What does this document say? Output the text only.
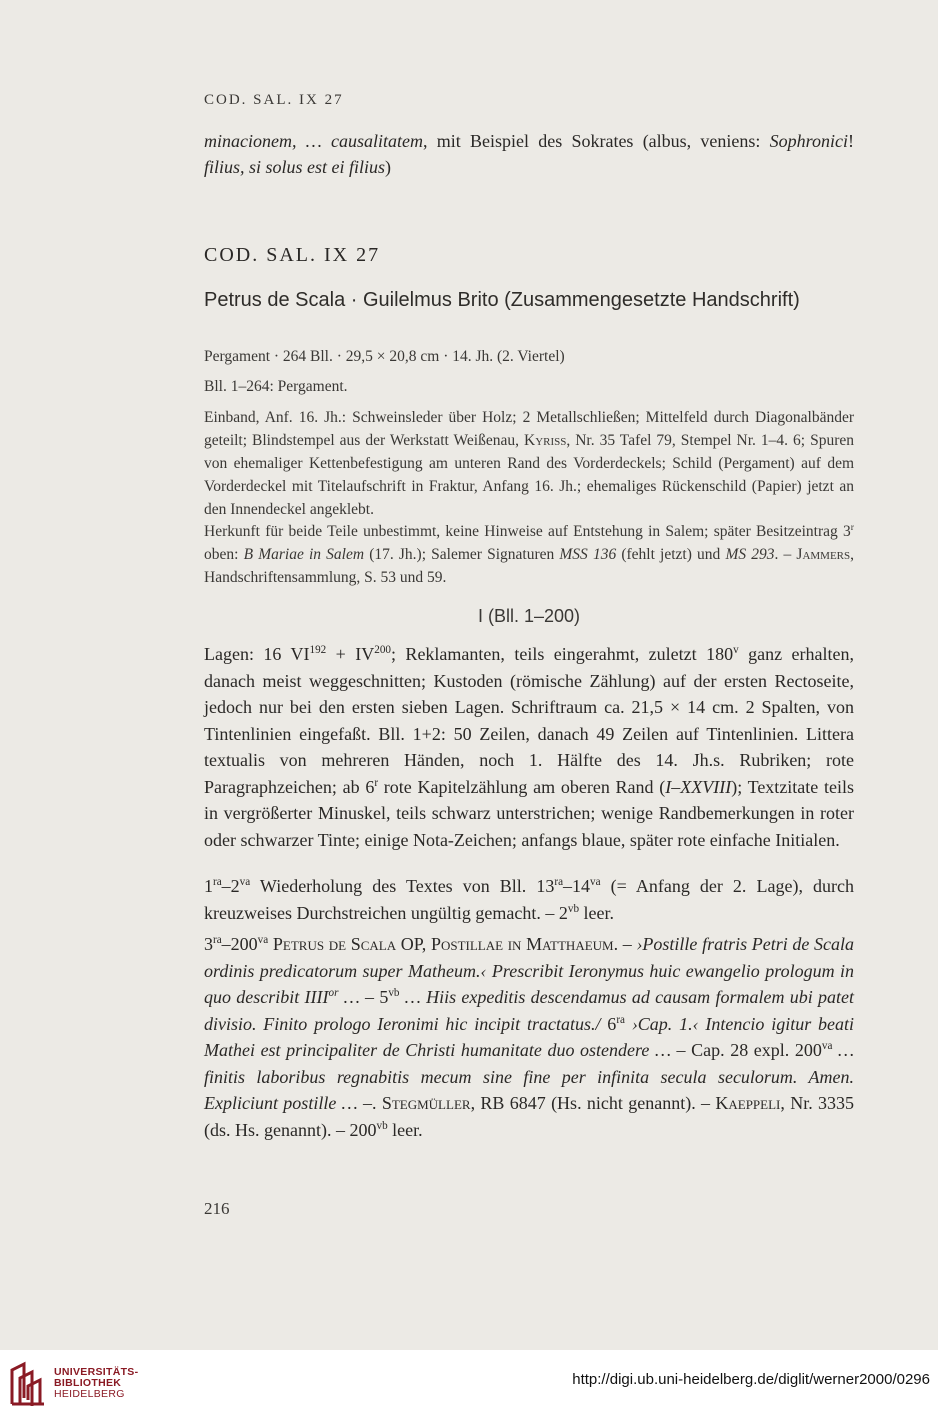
COD. SAL. IX 27
minacionem, … causalitatem, mit Beispiel des Sokrates (albus, veniens: Sophronici! filius, si solus est ei filius)
COD. SAL. IX 27
Petrus de Scala · Guilelmus Brito (Zusammengesetzte Handschrift)
Pergament · 264 Bll. · 29,5 × 20,8 cm · 14. Jh. (2. Viertel)
Bll. 1–264: Pergament.
Einband, Anf. 16. Jh.: Schweinsleder über Holz; 2 Metallschließen; Mittelfeld durch Diagonalbänder geteilt; Blindstempel aus der Werkstatt Weißenau, Kyriss, Nr. 35 Tafel 79, Stempel Nr. 1–4. 6; Spuren von ehemaliger Kettenbefestigung am unteren Rand des Vorderdeckels; Schild (Pergament) auf dem Vorderdeckel mit Titelaufschrift in Fraktur, Anfang 16. Jh.; ehemaliges Rückenschild (Papier) jetzt an den Innendeckel angeklebt.
Herkunft für beide Teile unbestimmt, keine Hinweise auf Entstehung in Salem; später Besitzeintrag 3$^r$ oben: B Mariae in Salem (17. Jh.); Salemer Signaturen MSS 136 (fehlt jetzt) und MS 293. – Jammers, Handschriftensammlung, S. 53 und 59.
I (Bll. 1–200)
Lagen: 16 $VI^{192} + IV^{200}$; Reklamanten, teils eingerahmt, zuletzt 180$^v$ ganz erhalten, danach meist weggeschnitten; Kustoden (römische Zählung) auf der ersten Rectoseite, jedoch nur bei den ersten sieben Lagen. Schriftraum ca. 21,5 × 14 cm. 2 Spalten, von Tintenlinien eingefaßt. Bll. 1+2: 50 Zeilen, danach 49 Zeilen auf Tintenlinien. Littera textualis von mehreren Händen, noch 1. Hälfte des 14. Jh.s. Rubriken; rote Paragraphzeichen; ab 6$^r$ rote Kapitelzählung am oberen Rand (I–XXVIII); Textzitate teils in vergrößerter Minuskel, teils schwarz unterstrichen; wenige Randbemerkungen in roter oder schwarzer Tinte; einige Nota-Zeichen; anfangs blaue, später rote einfache Initialen.
$1^{ra}-2^{va}$ Wiederholung des Textes von Bll. $13^{ra}-14^{va}$ (= Anfang der 2. Lage), durch kreuzweises Durchstreichen ungültig gemacht. – $2^{vb}$ leer.
$3^{ra}-200^{va}$ Petrus de Scala OP, Postillae in Matthaeum. – ›Postille fratris Petri de Scala ordinis predicatorum super Matheum.‹ Prescribit Ieronymus huic ewangelio prologum in quo describit $IIII^{or}$ … – $5^{vb}$ … Hiis expeditis descendamus ad causam formalem ubi patet divisio. Finito prologo Ieronimi hic incipit tractatus./ $6^{ra}$ ›Cap. 1.‹ Intencio igitur beati Mathei est principaliter de Christi humanitate duo ostendere … – Cap. 28 expl. $200^{va}$ … finitis laboribus regnabitis mecum sine fine per infinita secula seculorum. Amen. Expliciunt postille … –. Stegmüller, RB 6847 (Hs. nicht genannt). – Kaeppeli, Nr. 3335 (ds. Hs. genannt). – $200^{vb}$ leer.
216
UNIVERSITÄTS-
BIBLIOTHEK
HEIDELBERG
http://digi.ub.uni-heidelberg.de/diglit/werner2000/0296
